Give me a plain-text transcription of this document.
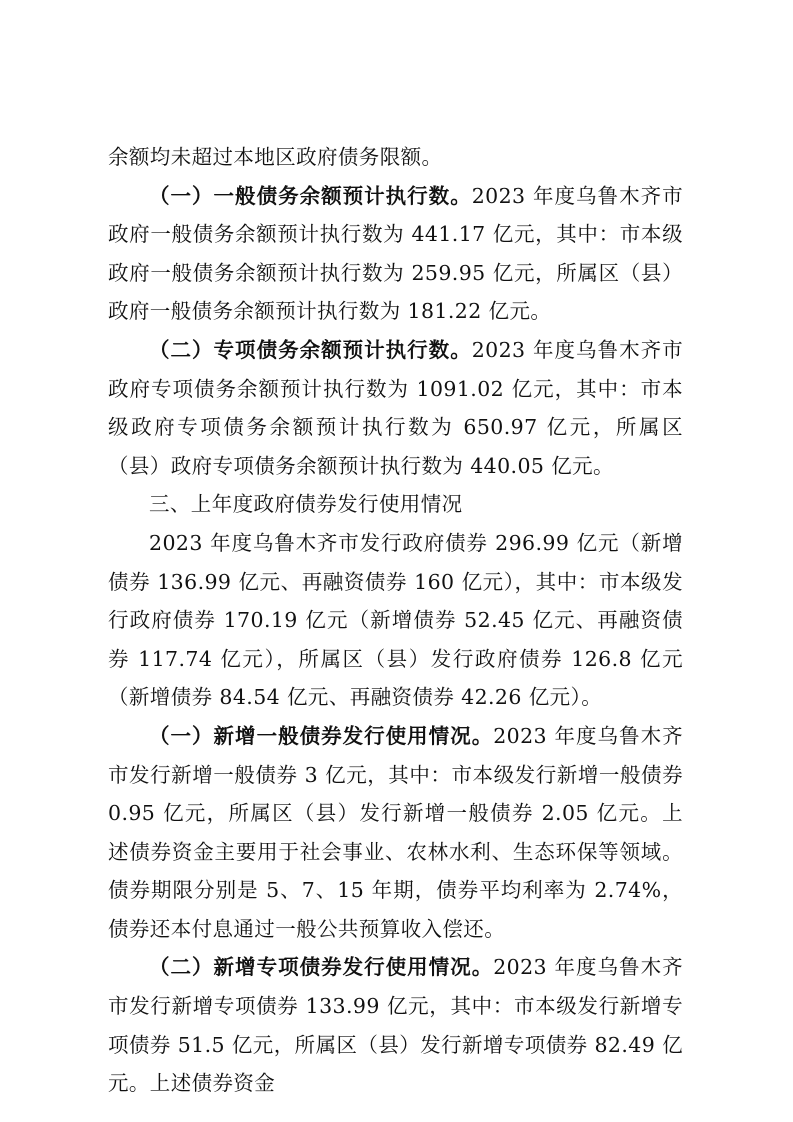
余额均未超过本地区政府债务限额。

（一）一般债务余额预计执行数。2023 年度乌鲁木齐市政府一般债务余额预计执行数为 441.17 亿元，其中：市本级政府一般债务余额预计执行数为 259.95 亿元，所属区（县）政府一般债务余额预计执行数为 181.22 亿元。

（二）专项债务余额预计执行数。2023 年度乌鲁木齐市政府专项债务余额预计执行数为 1091.02 亿元，其中：市本级政府专项债务余额预计执行数为 650.97 亿元，所属区（县）政府专项债务余额预计执行数为 440.05 亿元。

三、上年度政府债券发行使用情况

2023 年度乌鲁木齐市发行政府债券 296.99 亿元（新增债券 136.99 亿元、再融资债券 160 亿元），其中：市本级发行政府债券 170.19 亿元（新增债券 52.45 亿元、再融资债券 117.74 亿元），所属区（县）发行政府债券 126.8 亿元（新增债券 84.54 亿元、再融资债券 42.26 亿元）。

（一）新增一般债券发行使用情况。2023 年度乌鲁木齐市发行新增一般债券 3 亿元，其中：市本级发行新增一般债券 0.95 亿元，所属区（县）发行新增一般债券 2.05 亿元。上述债券资金主要用于社会事业、农林水利、生态环保等领域。债券期限分别是 5、7、15 年期，债券平均利率为 2.74%，债券还本付息通过一般公共预算收入偿还。

（二）新增专项债券发行使用情况。2023 年度乌鲁木齐市发行新增专项债券 133.99 亿元，其中：市本级发行新增专项债券 51.5 亿元，所属区（县）发行新增专项债券 82.49 亿元。上述债券资金
